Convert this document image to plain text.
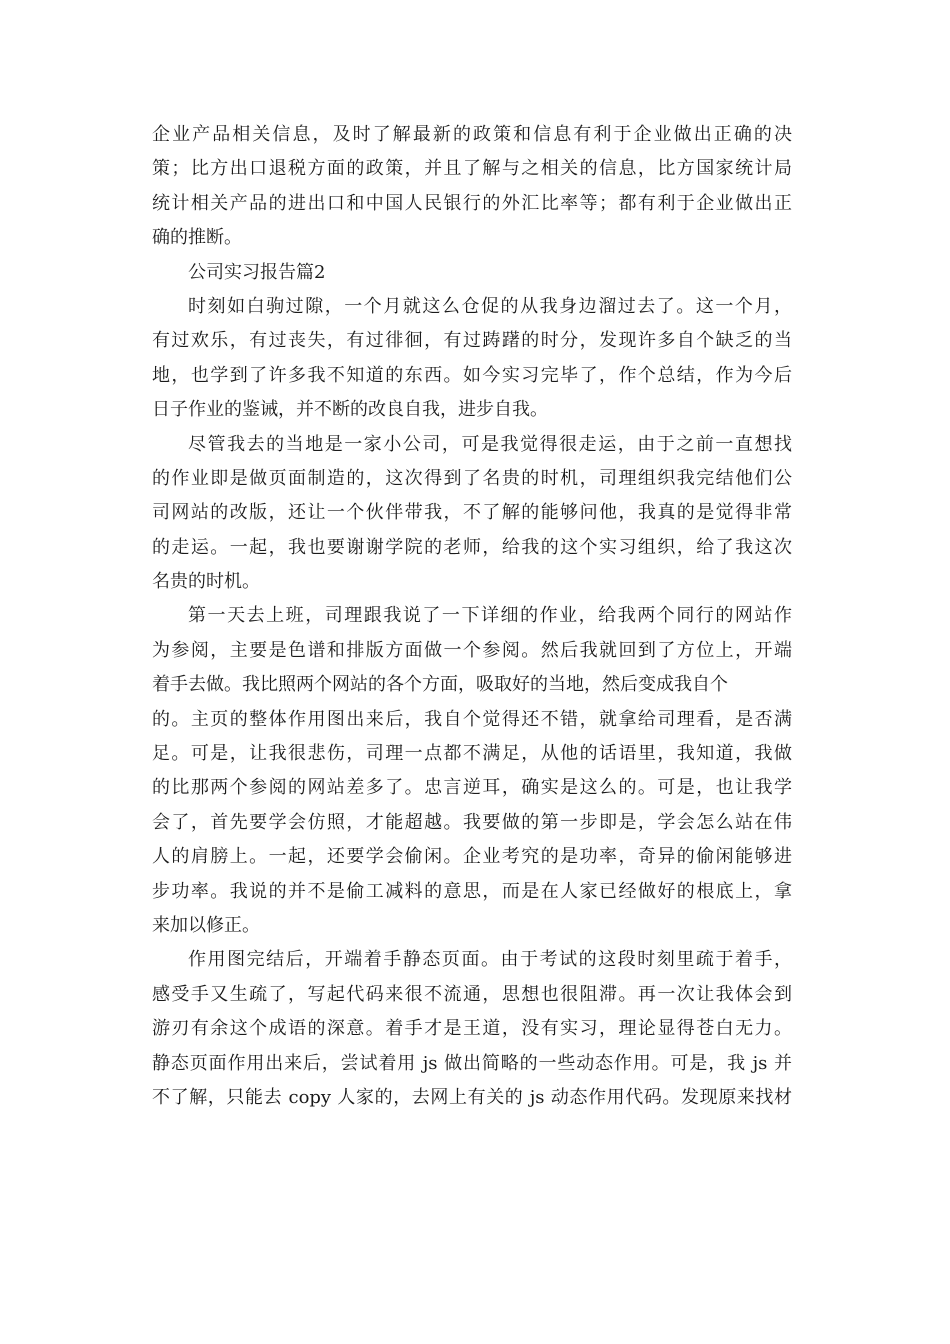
企业产品相关信息，及时了解最新的政策和信息有利于企业做出正确的决
策；比方出口退税方面的政策，并且了解与之相关的信息，比方国家统计局
统计相关产品的进出口和中国人民银行的外汇比率等；都有利于企业做出正
确的推断。
公司实习报告篇2
时刻如白驹过隙，一个月就这么仓促的从我身边溜过去了。这一个月，
有过欢乐，有过丧失，有过徘徊，有过踌躇的时分，发现许多自个缺乏的当
地，也学到了许多我不知道的东西。如今实习完毕了，作个总结，作为今后
日子作业的鉴诫，并不断的改良自我，进步自我。
尽管我去的当地是一家小公司，可是我觉得很走运，由于之前一直想找
的作业即是做页面制造的，这次得到了名贵的时机，司理组织我完结他们公
司网站的改版，还让一个伙伴带我，不了解的能够问他，我真的是觉得非常
的走运。一起，我也要谢谢学院的老师，给我的这个实习组织，给了我这次
名贵的时机。
第一天去上班，司理跟我说了一下详细的作业，给我两个同行的网站作
为参阅，主要是色谱和排版方面做一个参阅。然后我就回到了方位上，开端
着手去做。我比照两个网站的各个方面，吸取好的当地，然后变成我自个
的。主页的整体作用图出来后，我自个觉得还不错，就拿给司理看，是否满
足。可是，让我很悲伤，司理一点都不满足，从他的话语里，我知道，我做
的比那两个参阅的网站差多了。忠言逆耳，确实是这么的。可是，也让我学
会了，首先要学会仿照，才能超越。我要做的第一步即是，学会怎么站在伟
人的肩膀上。一起，还要学会偷闲。企业考究的是功率，奇异的偷闲能够进
步功率。我说的并不是偷工减料的意思，而是在人家已经做好的根底上，拿
来加以修正。
作用图完结后，开端着手静态页面。由于考试的这段时刻里疏于着手，
感受手又生疏了，写起代码来很不流通，思想也很阻滞。再一次让我体会到
游刃有余这个成语的深意。着手才是王道，没有实习，理论显得苍白无力。
静态页面作用出来后，尝试着用 js 做出简略的一些动态作用。可是，我 js 并
不了解，只能去 copy 人家的，去网上有关的 js 动态作用代码。发现原来找材
